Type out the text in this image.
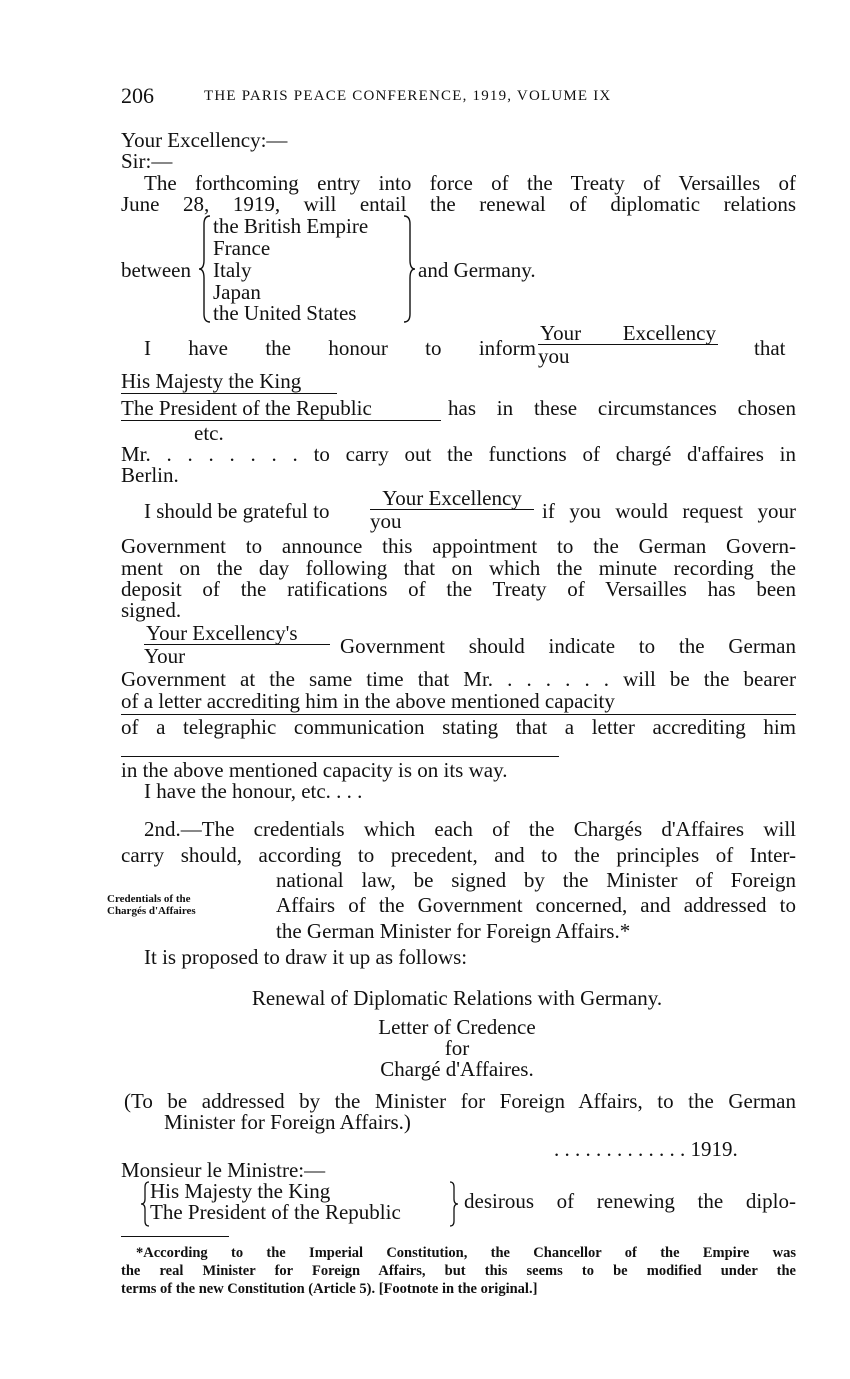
206	THE PARIS PEACE CONFERENCE, 1919, VOLUME IX
Your Excellency:—
Sir:—
The forthcoming entry into force of the Treaty of Versailles of
June 28, 1919, will entail the renewal of diplomatic relations
between
the British Empire
France
Italy
Japan
the United States
and Germany.
I have the honour to inform
Your Excellency
you	that
His Majesty the King
The President of the Republic	has in these circumstances chosen
etc.
Mr. . . . . . . . to carry out the functions of chargé d'affaires in
Berlin.
I should be grateful to
Your Excellency
you	if you would request your
Government to announce this appointment to the German Govern-
ment on the day following that on which the minute recording the
deposit of the ratifications of the Treaty of Versailles has been
signed.
Your Excellency's
Your	Government should indicate to the German
Government at the same time that Mr. . . . . . . will be the bearer
of a letter accrediting him in the above mentioned capacity
of a telegraphic communication stating that a letter accrediting him
in the above mentioned capacity is on its way.
I have the honour, etc. . . .
2nd.—The credentials which each of the Chargés d'Affaires will
carry should, according to precedent, and to the principles of Inter-
national law, be signed by the Minister of Foreign
Credentials of the
Chargés d'Affaires	Affairs of the Government concerned, and addressed to
the German Minister for Foreign Affairs.*
It is proposed to draw it up as follows:
Renewal of Diplomatic Relations with Germany.
Letter of Credence
for
Chargé d'Affaires.
(To be addressed by the Minister for Foreign Affairs, to the German
Minister for Foreign Affairs.)
. . . . . . . . . . . . . 1919.
Monsieur le Ministre:—
His Majesty the King
The President of the Republic	desirous of renewing the diplo-
*According to the Imperial Constitution, the Chancellor of the Empire was
the real Minister for Foreign Affairs, but this seems to be modified under the
terms of the new Constitution (Article 5). [Footnote in the original.]
